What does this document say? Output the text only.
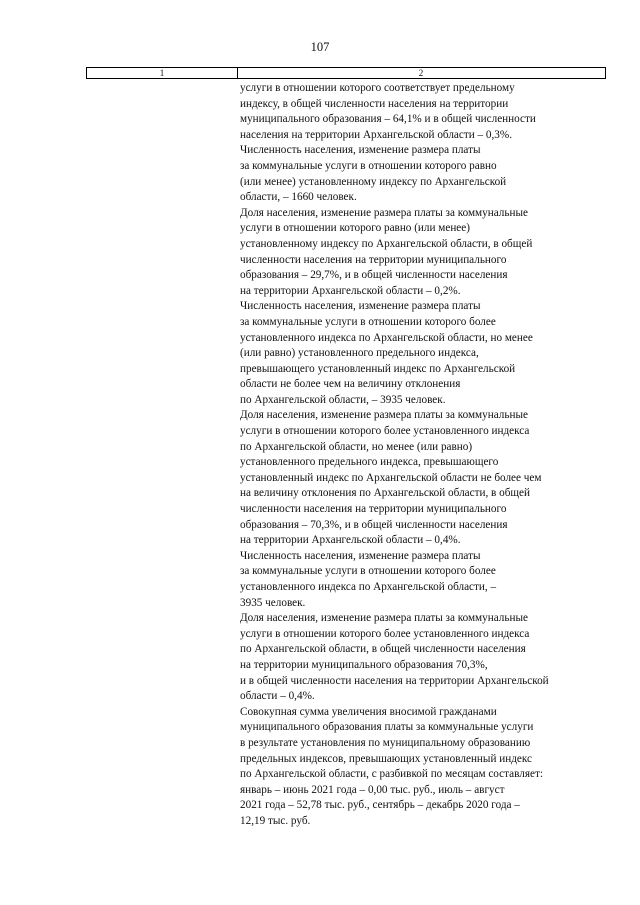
107
1	2
услуги в отношении которого соответствует предельному
индексу, в общей численности населения на территории
муниципального образования – 64,1% и в общей численности
населения на территории Архангельской области – 0,3%.
Численность населения, изменение размера платы
за коммунальные услуги в отношении которого равно
(или менее) установленному индексу по Архангельской
области, – 1660 человек.
Доля населения, изменение размера платы за коммунальные
услуги в отношении которого равно (или менее)
установленному индексу по Архангельской области, в общей
численности населения на территории муниципального
образования – 29,7%, и в общей численности населения
на территории Архангельской области – 0,2%.
Численность населения, изменение размера платы
за коммунальные услуги в отношении которого более
установленного индекса по Архангельской области, но менее
(или равно) установленного предельного индекса,
превышающего установленный индекс по Архангельской
области не более чем на величину отклонения
по Архангельской области, – 3935 человек.
Доля населения, изменение размера платы за коммунальные
услуги в отношении которого более установленного индекса
по Архангельской области, но менее (или равно)
установленного предельного индекса, превышающего
установленный индекс по Архангельской области не более чем
на величину отклонения по Архангельской области, в общей
численности населения на территории муниципального
образования – 70,3%, и в общей численности населения
на территории Архангельской области – 0,4%.
Численность населения, изменение размера платы
за коммунальные услуги в отношении которого более
установленного индекса по Архангельской области, –
3935 человек.
Доля населения, изменение размера платы за коммунальные
услуги в отношении которого более установленного индекса
по Архангельской области, в общей численности населения
на территории муниципального образования 70,3%,
и в общей численности населения на территории Архангельской
области – 0,4%.
Совокупная сумма увеличения вносимой гражданами
муниципального образования платы за коммунальные услуги
в результате установления по муниципальному образованию
предельных индексов, превышающих установленный индекс
по Архангельской области, с разбивкой по месяцам составляет:
январь – июнь 2021 года – 0,00 тыс. руб., июль – август
2021 года – 52,78 тыс. руб., сентябрь – декабрь 2020 года –
12,19 тыс. руб.
